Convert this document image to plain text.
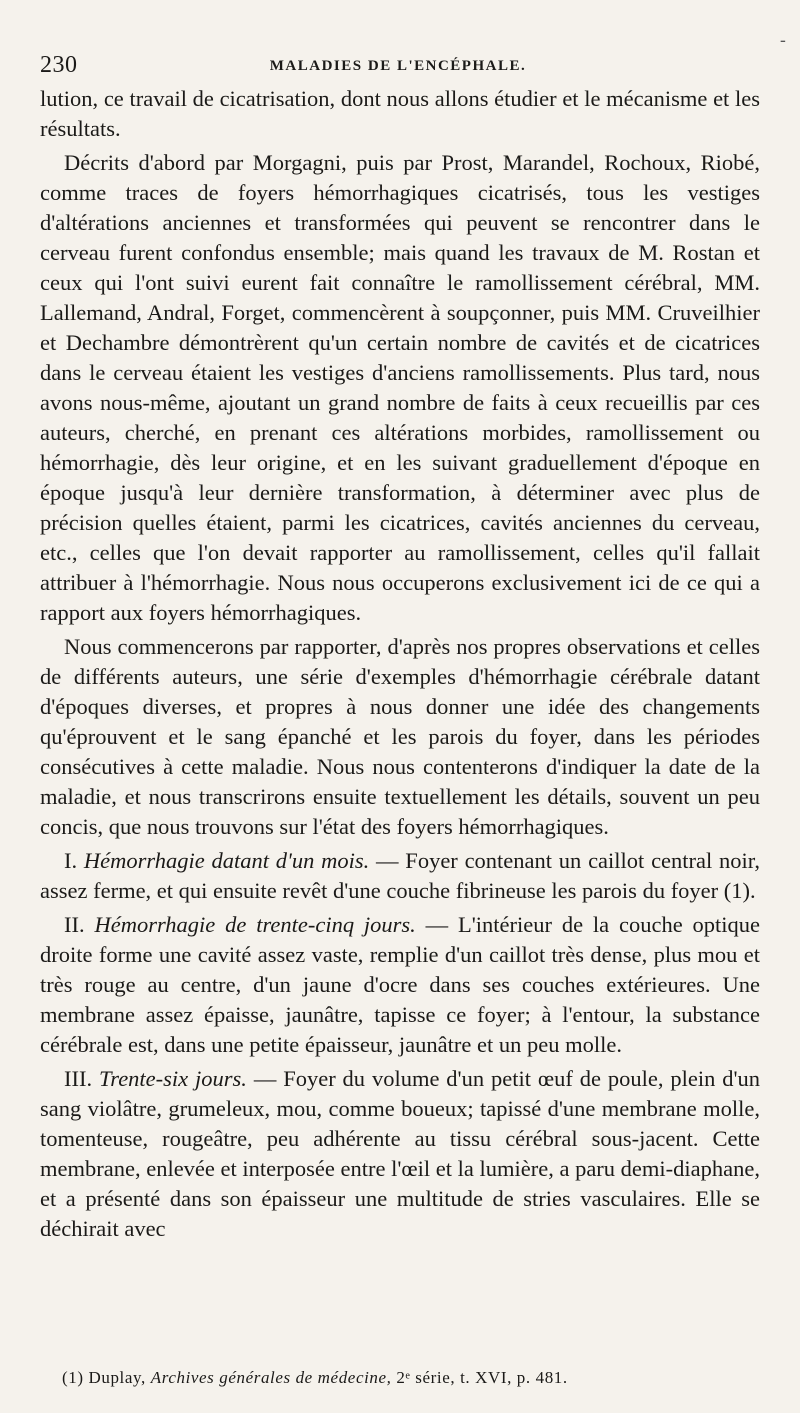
-
230	MALADIES DE L'ENCÉPHALE.

lution, ce travail de cicatrisation, dont nous allons étudier et le mécanisme et les résultats.

Décrits d'abord par Morgagni, puis par Prost, Marandel, Rochoux, Riobé, comme traces de foyers hémorrhagiques cicatrisés, tous les vestiges d'altérations anciennes et transformées qui peuvent se rencontrer dans le cerveau furent confondus ensemble; mais quand les travaux de M. Rostan et ceux qui l'ont suivi eurent fait connaître le ramollissement cérébral, MM. Lallemand, Andral, Forget, commencèrent à soupçonner, puis MM. Cruveilhier et Dechambre démontrèrent qu'un certain nombre de cavités et de cicatrices dans le cerveau étaient les vestiges d'anciens ramollissements. Plus tard, nous avons nous-même, ajoutant un grand nombre de faits à ceux recueillis par ces auteurs, cherché, en prenant ces altérations morbides, ramollissement ou hémorrhagie, dès leur origine, et en les suivant graduellement d'époque en époque jusqu'à leur dernière transformation, à déterminer avec plus de précision quelles étaient, parmi les cicatrices, cavités anciennes du cerveau, etc., celles que l'on devait rapporter au ramollissement, celles qu'il fallait attribuer à l'hémorrhagie. Nous nous occuperons exclusivement ici de ce qui a rapport aux foyers hémorrhagiques.

Nous commencerons par rapporter, d'après nos propres observations et celles de différents auteurs, une série d'exemples d'hémorrhagie cérébrale datant d'époques diverses, et propres à nous donner une idée des changements qu'éprouvent et le sang épanché et les parois du foyer, dans les périodes consécutives à cette maladie. Nous nous contenterons d'indiquer la date de la maladie, et nous transcrirons ensuite textuellement les détails, souvent un peu concis, que nous trouvons sur l'état des foyers hémorrhagiques.

I. Hémorrhagie datant d'un mois. — Foyer contenant un caillot central noir, assez ferme, et qui ensuite revêt d'une couche fibrineuse les parois du foyer (1).

II. Hémorrhagie de trente-cinq jours. — L'intérieur de la couche optique droite forme une cavité assez vaste, remplie d'un caillot très dense, plus mou et très rouge au centre, d'un jaune d'ocre dans ses couches extérieures. Une membrane assez épaisse, jaunâtre, tapisse ce foyer; à l'entour, la substance cérébrale est, dans une petite épaisseur, jaunâtre et un peu molle.

III. Trente-six jours. — Foyer du volume d'un petit œuf de poule, plein d'un sang violâtre, grumeleux, mou, comme boueux; tapissé d'une membrane molle, tomenteuse, rougeâtre, peu adhérente au tissu cérébral sous-jacent. Cette membrane, enlevée et interposée entre l'œil et la lumière, a paru demi-diaphane, et a présenté dans son épaisseur une multitude de stries vasculaires. Elle se déchirait avec

(1) Duplay, Archives générales de médecine, 2ᵉ série, t. XVI, p. 481.
